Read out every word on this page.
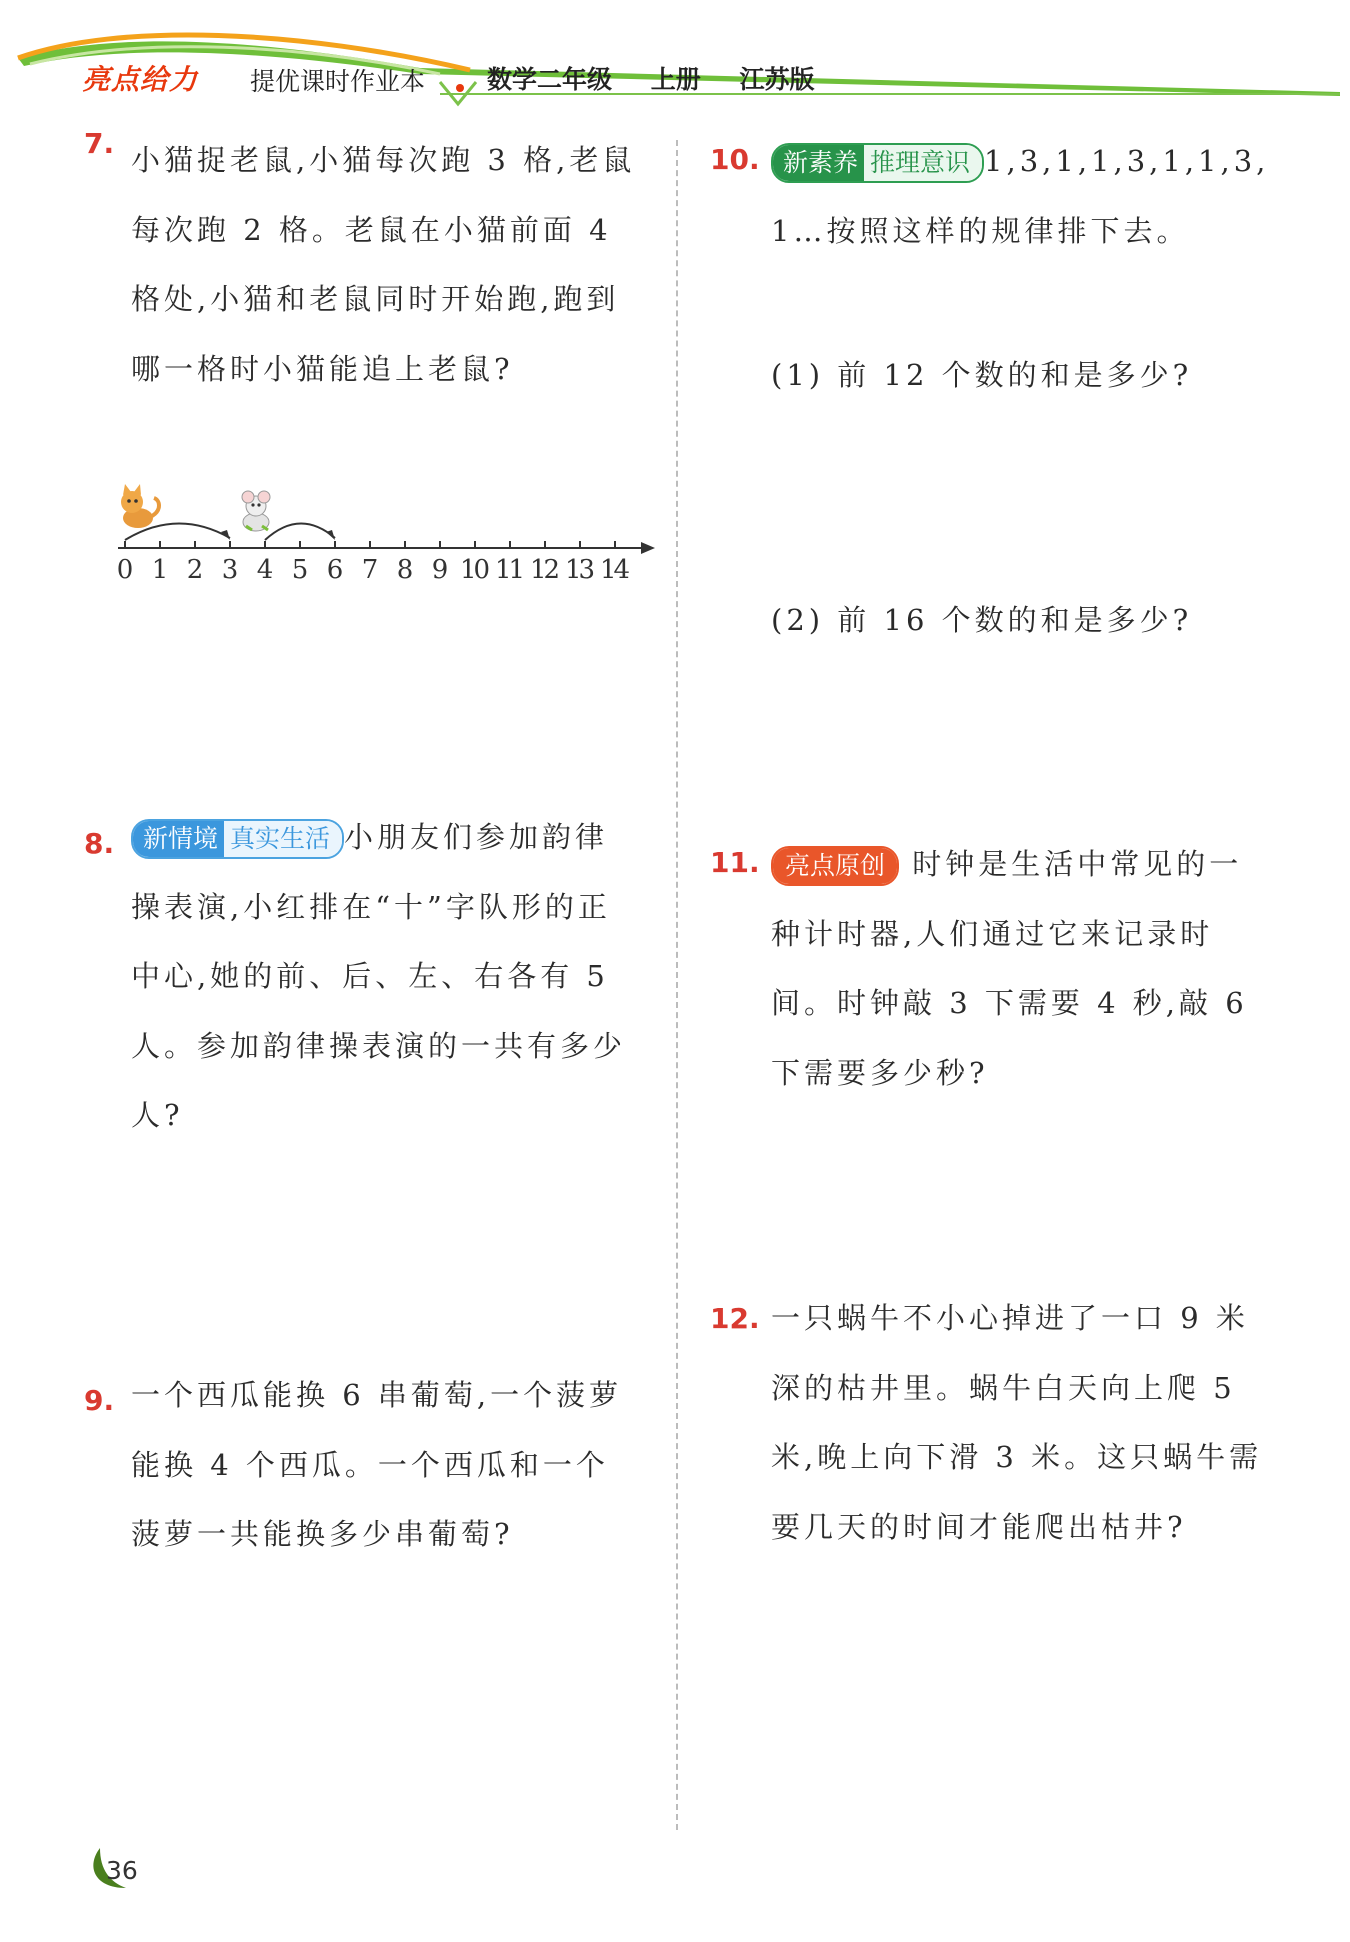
亮点给力 提优课时作业本 数学二年级 上册 江苏版
7. 小猫捉老鼠,小猫每次跑 3 格,老鼠每次跑 2 格。老鼠在小猫前面 4 格处,小猫和老鼠同时开始跑,跑到哪一格时小猫能追上老鼠?
0 1 2 3 4 5 6 7 8 9 10 11 12 13 14
8.	新情境 真实生活 小朋友们参加韵律操表演,小红排在“十”字队形的正中心,她的前、后、左、右各有 5 人。参加韵律操表演的一共有多少人?
9. 一个西瓜能换 6 串葡萄,一个菠萝能换 4 个西瓜。一个西瓜和一个菠萝一共能换多少串葡萄?
10. 新素养 推理意识 1,3,1,1,3,1,1,3,1…按照这样的规律排下去。
(1) 前 12 个数的和是多少?
(2) 前 16 个数的和是多少?
11.	亮点原创 时钟是生活中常见的一种计时器,人们通过它来记录时间。时钟敲 3 下需要 4 秒,敲 6 下需要多少秒?
12. 一只蜗牛不小心掉进了一口 9 米深的枯井里。蜗牛白天向上爬 5 米,晚上向下滑 3 米。这只蜗牛需要几天的时间才能爬出枯井?
36
